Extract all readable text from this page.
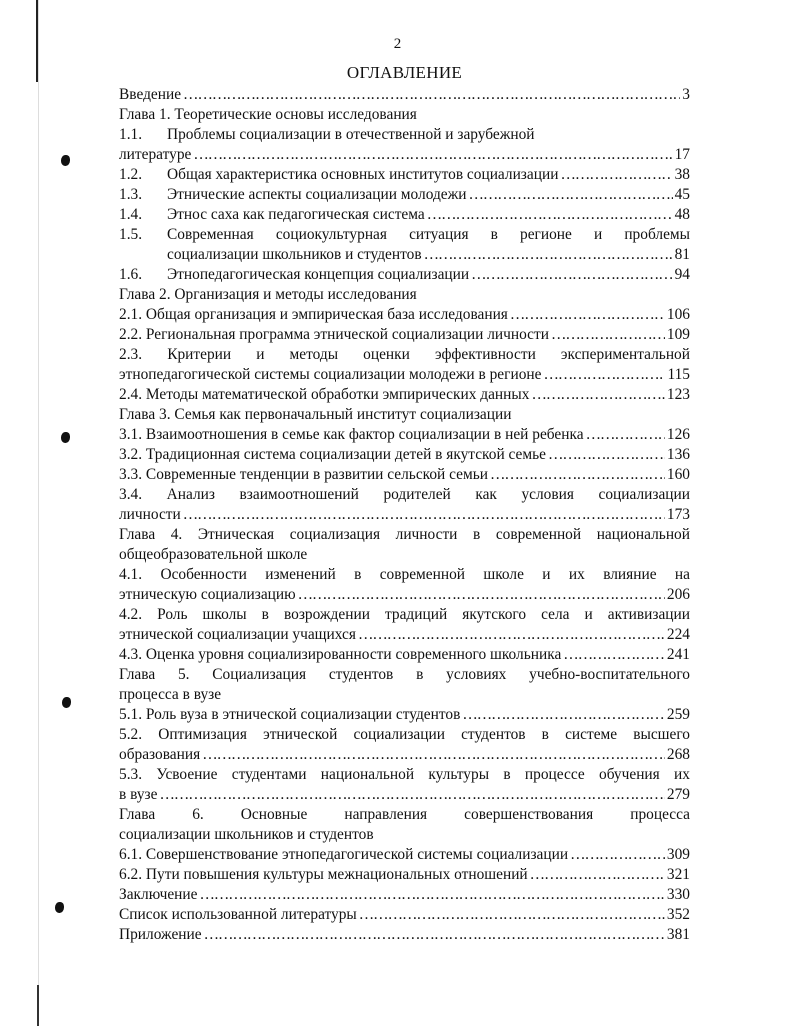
2
ОГЛАВЛЕНИЕ
Введение ………………………………………………………………………………………………………………………………………………………………………………………………………	3
Глава 1. Теоретические основы исследования
1.1.	Проблемы социализации в отечественной и зарубежной
литературе ………………………………………………………………………………………………………………………………………………………………………………………………………	17
1.2.	Общая характеристика основных институтов социализации ………………………………………………………………………………………………………………………………………………………………………………………………………	38
1.3.	Этнические аспекты социализации молодежи ………………………………………………………………………………………………………………………………………………………………………………………………………	45
1.4.	Этнос саха как педагогическая система ………………………………………………………………………………………………………………………………………………………………………………………………………	48
1.5.	Современная социокультурная ситуация в регионе и проблемы
социализации школьников и студентов ………………………………………………………………………………………………………………………………………………………………………………………………………	81
1.6.	Этнопедагогическая концепция социализации ………………………………………………………………………………………………………………………………………………………………………………………………………	94
Глава 2. Организация и методы исследования
2.1. Общая организация и эмпирическая база исследования ………………………………………………………………………………………………………………………………………………………………………………………………………	106
2.2. Региональная программа этнической социализации личности ………………………………………………………………………………………………………………………………………………………………………………………………………	109
2.3. Критерии и методы оценки эффективности экспериментальной
этнопедагогической системы социализации молодежи в регионе ………………………………………………………………………………………………………………………………………………………………………………………………………	115
2.4. Методы математической обработки эмпирических данных ………………………………………………………………………………………………………………………………………………………………………………………………………	123
Глава 3. Семья как первоначальный институт социализации
3.1. Взаимоотношения в семье как фактор социализации в ней ребенка ………………………………………………………………………………………………………………………………………………………………………………………………………	126
3.2. Традиционная система социализации детей в якутской семье ………………………………………………………………………………………………………………………………………………………………………………………………………	136
3.3. Современные тенденции в развитии сельской семьи ………………………………………………………………………………………………………………………………………………………………………………………………………	160
3.4. Анализ взаимоотношений родителей как условия социализации
личности ………………………………………………………………………………………………………………………………………………………………………………………………………	173
Глава 4. Этническая социализация личности в современной национальной
общеобразовательной школе
4.1. Особенности изменений в современной школе и их влияние на
этническую социализацию ………………………………………………………………………………………………………………………………………………………………………………………………………	206
4.2. Роль школы в возрождении традиций якутского села и активизации
этнической социализации учащихся ………………………………………………………………………………………………………………………………………………………………………………………………………	224
4.3. Оценка уровня социализированности современного школьника ………………………………………………………………………………………………………………………………………………………………………………………………………	241
Глава 5. Социализация студентов в условиях учебно-воспитательного
процесса в вузе
5.1. Роль вуза в этнической социализации студентов ………………………………………………………………………………………………………………………………………………………………………………………………………	259
5.2. Оптимизация этнической социализации студентов в системе высшего
образования ………………………………………………………………………………………………………………………………………………………………………………………………………	268
5.3. Усвоение студентами национальной культуры в процессе обучения их
в вузе ………………………………………………………………………………………………………………………………………………………………………………………………………	279
Глава 6. Основные направления совершенствования процесса
социализации школьников и студентов
6.1. Совершенствование этнопедагогической системы социализации ………………………………………………………………………………………………………………………………………………………………………………………………………	309
6.2. Пути повышения культуры межнациональных отношений ………………………………………………………………………………………………………………………………………………………………………………………………………	321
Заключение ………………………………………………………………………………………………………………………………………………………………………………………………………	330
Список использованной литературы ………………………………………………………………………………………………………………………………………………………………………………………………………	352
Приложение ………………………………………………………………………………………………………………………………………………………………………………………………………	381
